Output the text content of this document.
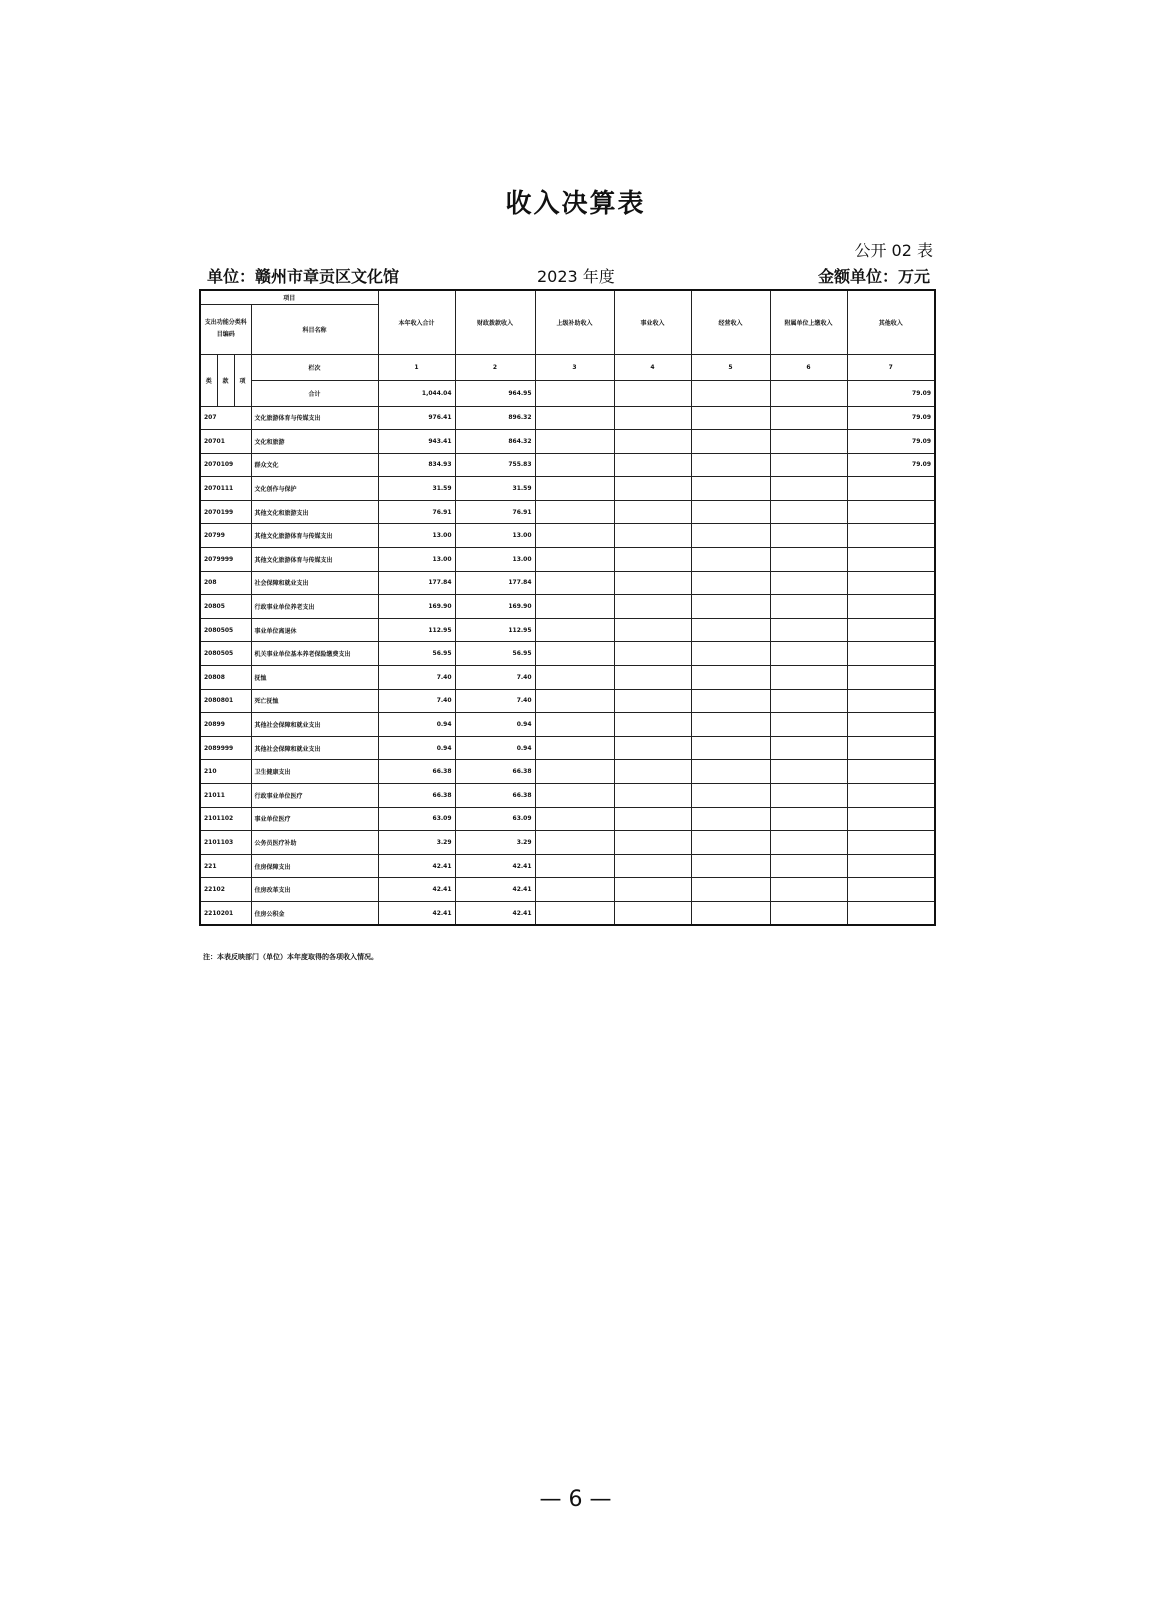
收入决算表
公开 02 表
单位：赣州市章贡区文化馆	2023 年度	金额单位：万元
项目				本年收入合计	财政拨款收入	上级补助收入	事业收入	经营收入	附属单位上缴收入	其他收入
支出功能分类科目编码			科目名称							
类	款	项	栏次	1	2	3	4	5	6	7
			合计	1,044.04	964.95					79.09
207			文化旅游体育与传媒支出	976.41	896.32					79.09
20701			文化和旅游	943.41	864.32					79.09
2070109			群众文化	834.93	755.83					79.09
2070111			文化创作与保护	31.59	31.59					
2070199			其他文化和旅游支出	76.91	76.91					
20799			其他文化旅游体育与传媒支出	13.00	13.00					
2079999			其他文化旅游体育与传媒支出	13.00	13.00					
208			社会保障和就业支出	177.84	177.84					
20805			行政事业单位养老支出	169.90	169.90					
2080505			事业单位离退休	112.95	112.95					
2080505			机关事业单位基本养老保险缴费支出	56.95	56.95					
20808			抚恤	7.40	7.40					
2080801			死亡抚恤	7.40	7.40					
20899			其他社会保障和就业支出	0.94	0.94					
2089999			其他社会保障和就业支出	0.94	0.94					
210			卫生健康支出	66.38	66.38					
21011			行政事业单位医疗	66.38	66.38					
2101102			事业单位医疗	63.09	63.09					
2101103			公务员医疗补助	3.29	3.29					
221			住房保障支出	42.41	42.41					
22102			住房改革支出	42.41	42.41					
2210201			住房公积金	42.41	42.41					
注：本表反映部门（单位）本年度取得的各项收入情况。
— 6 —
